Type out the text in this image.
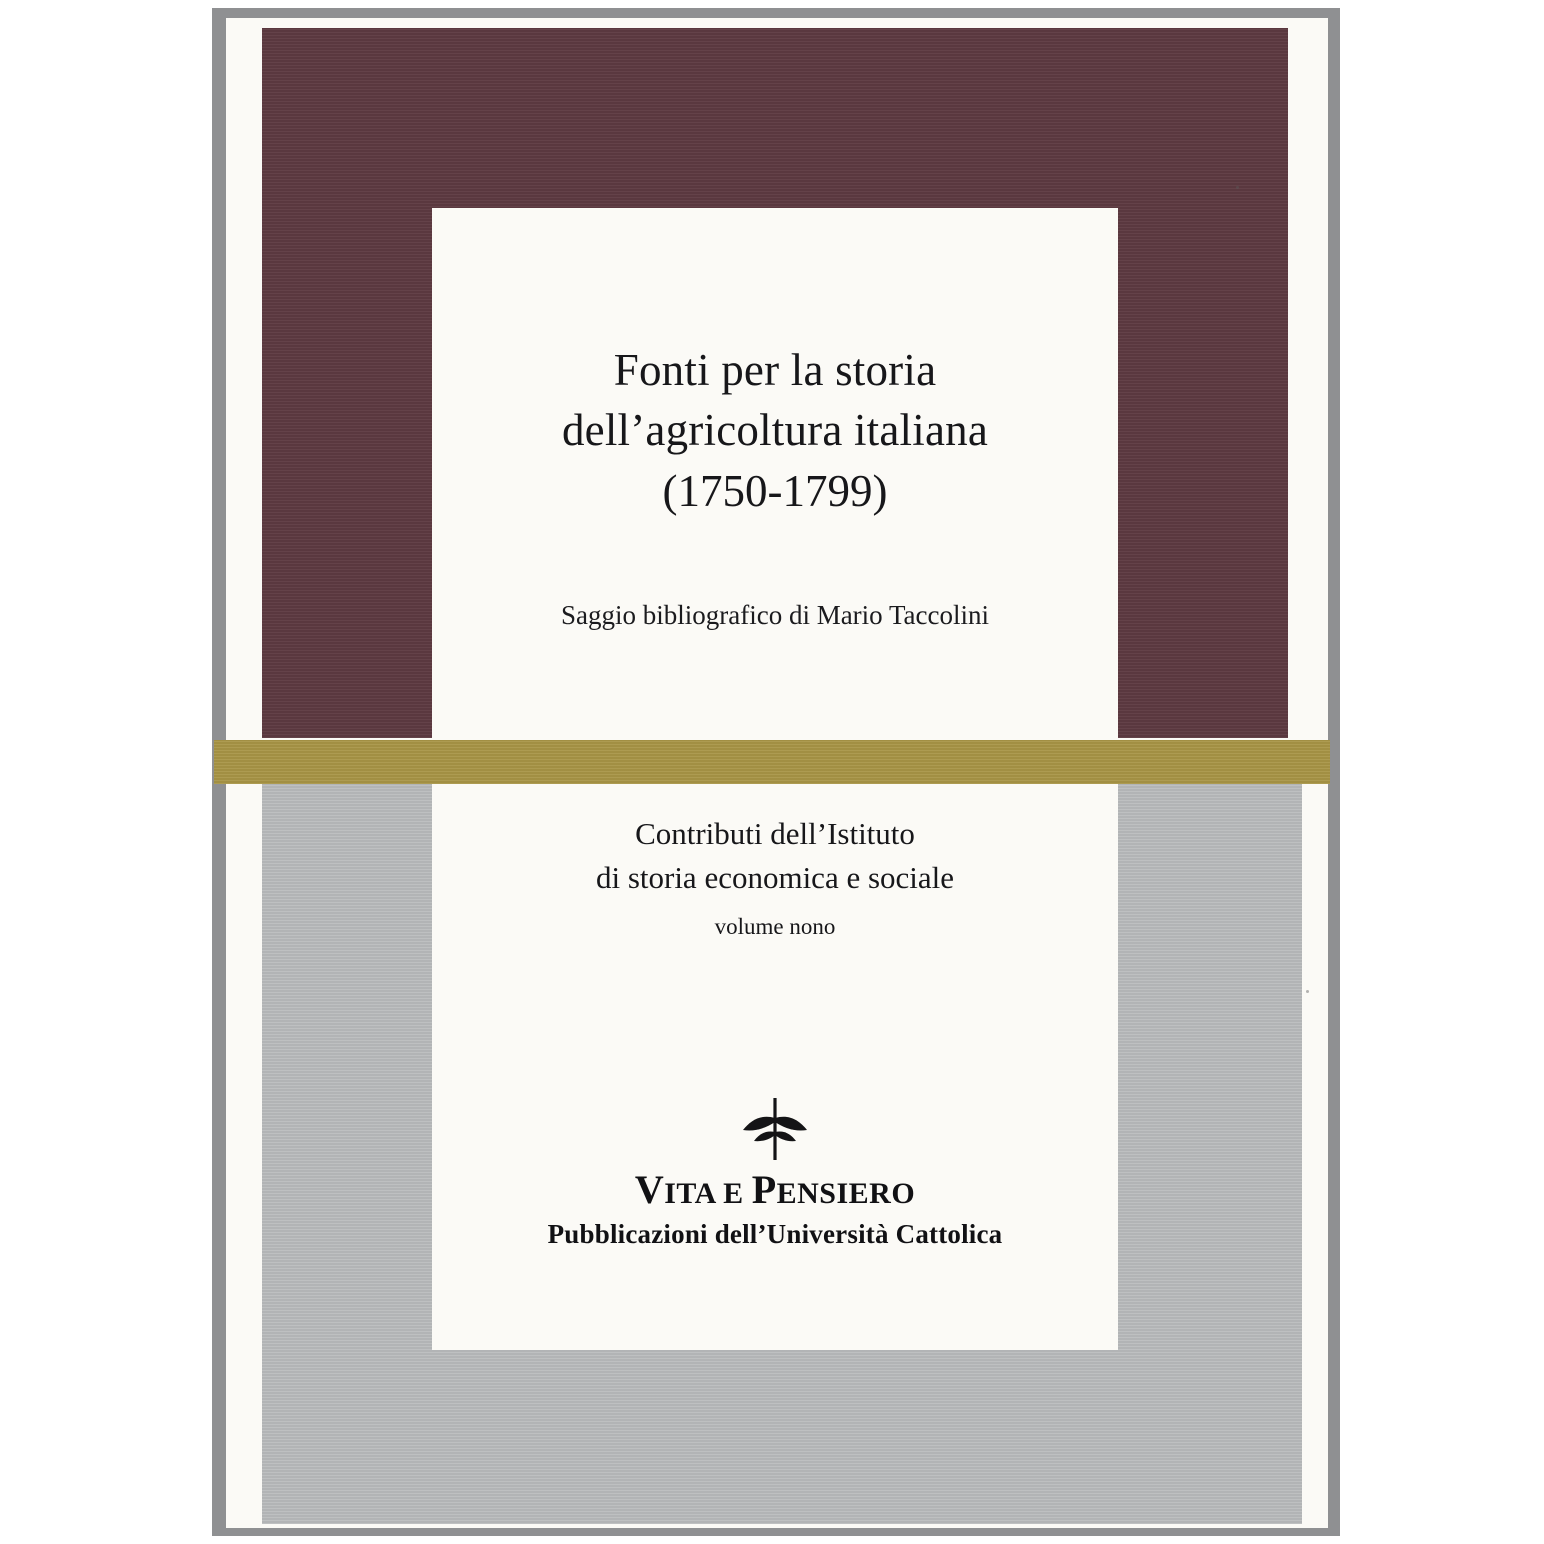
Fonti per la storia
dell’agricoltura italiana
(1750-1799)
Saggio bibliografico di Mario Taccolini
Contributi dell’Istituto
di storia economica e sociale
volume nono
VITA E PENSIERO
Pubblicazioni dell’Università Cattolica
